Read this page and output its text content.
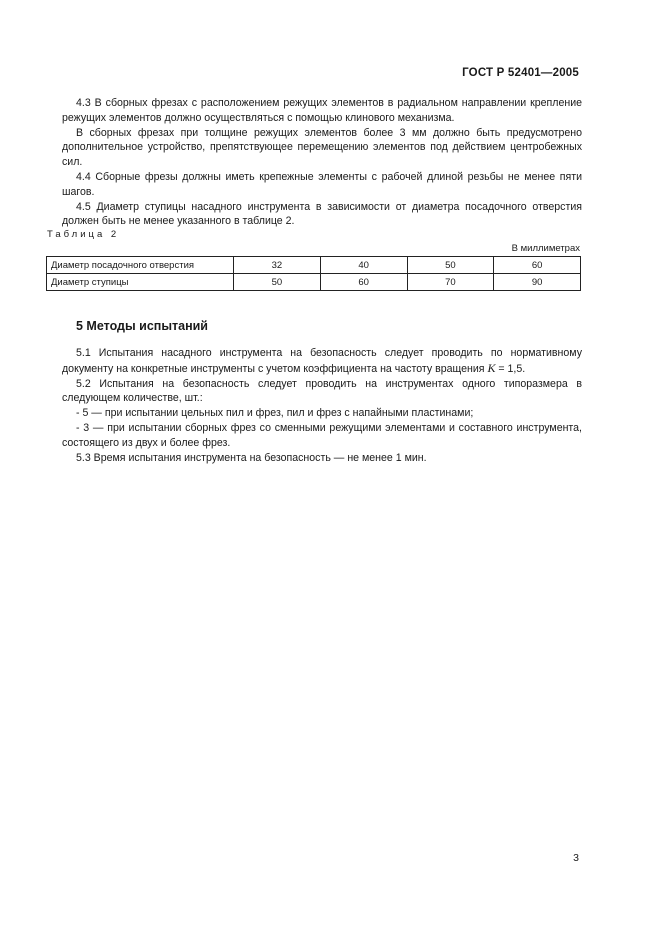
ГОСТ Р 52401—2005

4.3 В сборных фрезах с расположением режущих элементов в радиальном направлении крепление режущих элементов должно осуществляться с помощью клинового механизма.

В сборных фрезах при толщине режущих элементов более 3 мм должно быть предусмотрено дополнительное устройство, препятствующее перемещению элементов под действием центробежных сил.

4.4 Сборные фрезы должны иметь крепежные элементы с рабочей длиной резьбы не менее пяти шагов.

4.5 Диаметр ступицы насадного инструмента в зависимости от диаметра посадочного отверстия должен быть не менее указанного в таблице 2.

Таблица 2
В миллиметрах
Диаметр посадочного отверстия	32	40	50	60
Диаметр ступицы	50	60	70	90
5 Методы испытаний

5.1 Испытания насадного инструмента на безопасность следует проводить по нормативному документу на конкретные инструменты с учетом коэффициента на частоту вращения K = 1,5.

5.2 Испытания на безопасность следует проводить на инструментах одного типоразмера в следующем количестве, шт.:

- 5 — при испытании цельных пил и фрез, пил и фрез с напайными пластинами;

- 3 — при испытании сборных фрез со сменными режущими элементами и составного инструмента, состоящего из двух и более фрез.

5.3 Время испытания инструмента на безопасность — не менее 1 мин.

3
